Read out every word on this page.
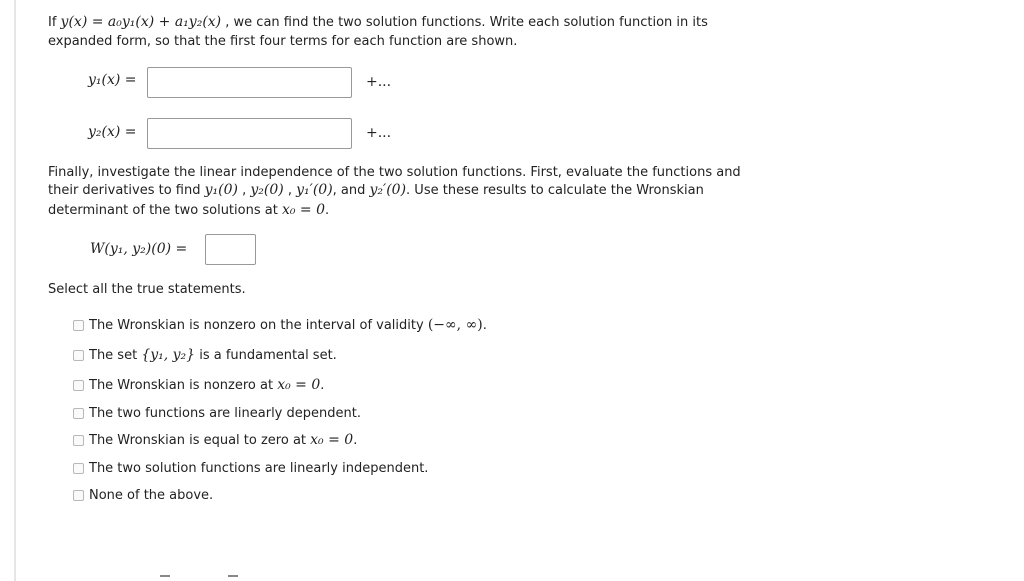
If y(x) = a₀y₁(x) + a₁y₂(x) , we can find the two solution functions. Write each solution function in its
expanded form, so that the first four terms for each function are shown.
y₁(x) =	+...
y₂(x) =	+...
Finally, investigate the linear independence of the two solution functions. First, evaluate the functions and
their derivatives to find y₁(0) , y₂(0) , y₁′(0), and y₂′(0). Use these results to calculate the Wronskian
determinant of the two solutions at x₀ = 0.
W(y₁, y₂)(0) =
Select all the true statements.
The Wronskian is nonzero on the interval of validity (−∞, ∞).
The set {y₁, y₂} is a fundamental set.
The Wronskian is nonzero at x₀ = 0.
The two functions are linearly dependent.
The Wronskian is equal to zero at x₀ = 0.
The two solution functions are linearly independent.
None of the above.
